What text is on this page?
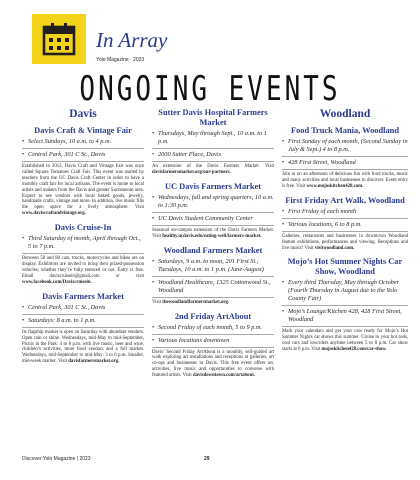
In Array
Yolo Magazine · 2023
ONGOING EVENTS
Davis
Davis Craft & Vintage Fair
• Select Sundays, 10 a.m. to 4 p.m.
• Central Park, 301 C St., Davis
Established in 2012, Davis Craft and Vintage Fair was once called Square Tomatoes Craft Fair. This event was started by teachers from the UC Davis Craft Center in order to have a monthly craft fair for local artisans. The event is home to local artists and makers from the Davis and greater Sacramento area. Expect to see vendors with local baked goods, jewelry, handmade crafts, vintage and more. In addition, live music fills the open space for a lively atmosphere. Visit www.daviscraftandvintage.org.
Davis Cruise-In
• Third Saturday of month, April through Oct., 5 to 7 p.m.
Between 50 and 80 cars, trucks, motorcycles and bikes are on display. Exhibitors are invited to bring their prized-possession vehicles, whether they’re fully restored or not. Entry is free. Email daviscruisein@gmail.com or visit www.facebook.com/Daviscruisein.
Davis Farmers Market
• Central Park, 301 C St., Davis
• Saturdays: 8 a.m. to 1 p.m.
Its flagship market is open on Saturday with abundant vendors. Open rain or shine. Wednesdays, mid-May to mid-September, Picnic in the Park: 4 to 8 p.m. with live music, beer and wine, children’s activities, more food vendors and a full market. Wednesdays, mid-September to mid-May: 3 to 6 p.m. Smaller, mid-week market. Visit davisfarmersmarket.org.
Sutter Davis Hospital Farmers Market
• Thursdays, May through Sept., 10 a.m. to 1 p.m.
• 2000 Sutter Place, Davis
An extension of the Davis Farmers Market. Visit davisfarmersmarket.org/our-partners.
UC Davis Farmers Market
• Wednesdays, fall and spring quarters, 10 a.m. to 1:30 p.m.
• UC Davis Student Community Center
Seasonal on-campus extension of the Davis Farmers Market. Visit healthy.ucdavis.edu/eating-well/farmers-market.
Woodland Farmers Market
• Saturdays, 9 a.m. to noon, 201 First St.; Tuesdays, 10 a.m. to 1 p.m. (June-August)
• Woodland Healthcare, 1325 Cottonwood St., Woodland
Visit thewoodlandfarmersmarket.org.
2nd Friday ArtAbout
• Second Friday of each month, 5 to 9 p.m.
• Various locations downtown
Davis’ Second Friday ArtAbout is a monthly, self-guided art walk exploring art installations and receptions at galleries, art co-ops and businesses in Davis. This free event offers art, activities, live music and opportunities to converse with featured artists. Visit davisdowntown.com/artabout.
Woodland
Food Truck Mania, Woodland
• First Sunday of each month, (Second Sunday in July & Sept.) 4 to 8 p.m.
• 428 First Street, Woodland
Join in on an afternoon of delicious fun with food trucks, music and many activities and local businesses to discover. Event entry is free. Visit www.mojoskitchen428.com.
First Friday Art Walk, Woodland
• First Friday of each month
• Various locations, 6 to 8 p.m.
Galleries, restaurants and businesses in downtown Woodland feature exhibitions, performances and viewing. Receptions and live music! Visit visitwoodland.com.
Mojo’s Hot Summer Nights Car Show, Woodland
• Every third Thursday, May through October (Fourth Thursday in August due to the Yolo County Fair)
• Mojo’s Lounge/Kitchen 428, 428 First Street, Woodland
Mark your calendars and get your cars ready for Mojo’s Hot Summer Nights car shows this summer. Cruise in your hot rods, cool cars and lowriders anytime between 5 to 8 p.m. Car show starts at 6 p.m. Visit mojoskitchen428.com/car-show.
Discover Yolo Magazine | 2023	29
